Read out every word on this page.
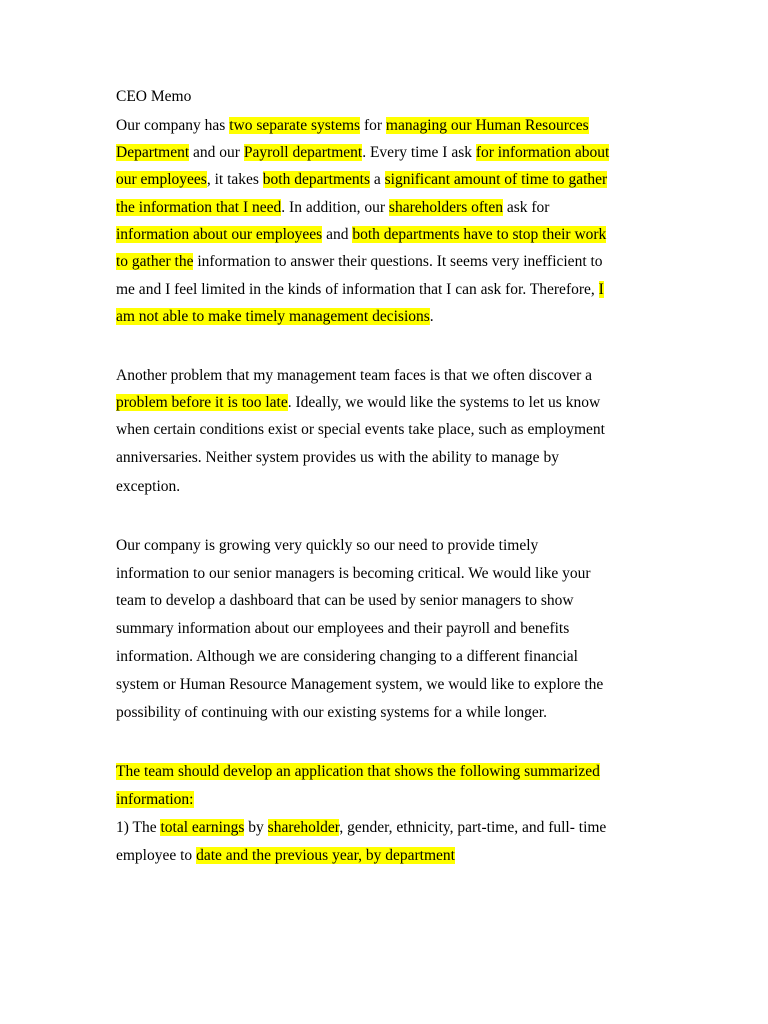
CEO Memo
Our company has two separate systems for managing our Human Resources
Department and our Payroll department. Every time I ask for information about
our employees, it takes both departments a significant amount of time to gather
the information that I need. In addition, our shareholders often ask for
information about our employees and both departments have to stop their work
to gather the information to answer their questions. It seems very inefficient to
me and I feel limited in the kinds of information that I can ask for. Therefore, I
am not able to make timely management decisions.
Another problem that my management team faces is that we often discover a
problem before it is too late. Ideally, we would like the systems to let us know
when certain conditions exist or special events take place, such as employment
anniversaries. Neither system provides us with the ability to manage by
exception.
Our company is growing very quickly so our need to provide timely
information to our senior managers is becoming critical. We would like your
team to develop a dashboard that can be used by senior managers to show
summary information about our employees and their payroll and benefits
information. Although we are considering changing to a different financial
system or Human Resource Management system, we would like to explore the
possibility of continuing with our existing systems for a while longer.
The team should develop an application that shows the following summarized
information:
1) The total earnings by shareholder, gender, ethnicity, part-time, and full- time
employee to date and the previous year, by department
